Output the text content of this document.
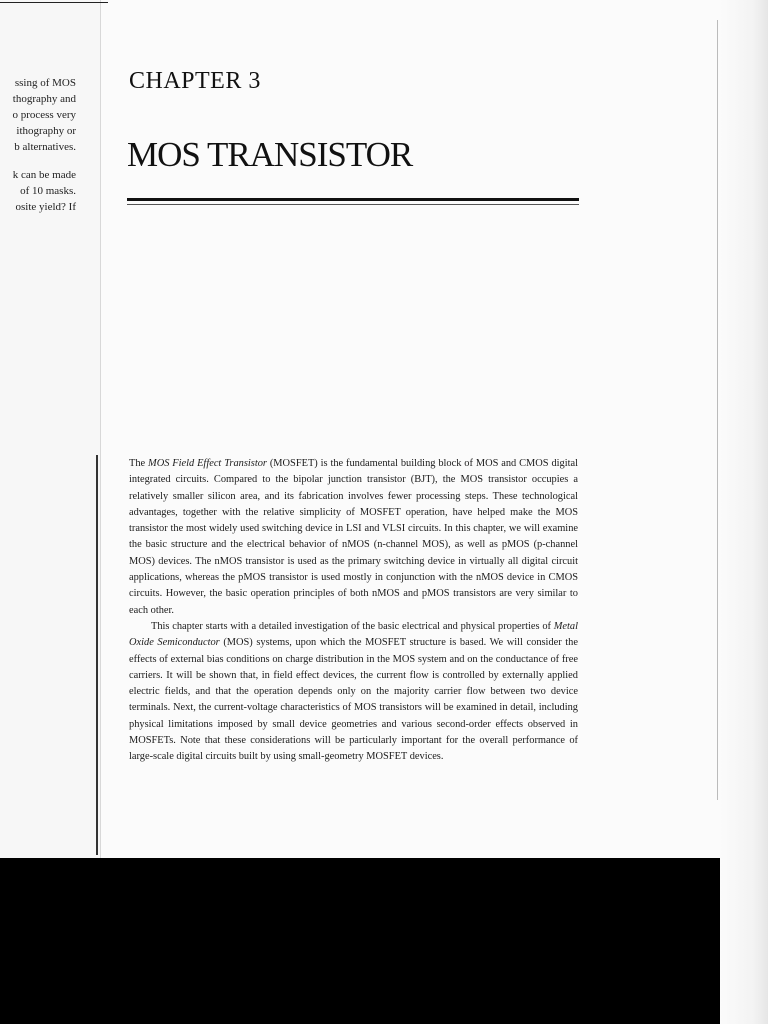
ssing of MOS
thography and
o process very
ithography or
b alternatives.
k can be made
of 10 masks.
osite yield? If
CHAPTER 3
MOS TRANSISTOR

The MOS Field Effect Transistor (MOSFET) is the fundamental building block of MOS and CMOS digital integrated circuits. Compared to the bipolar junction transistor (BJT), the MOS transistor occupies a relatively smaller silicon area, and its fabrication involves fewer processing steps. These technological advantages, together with the relative simplicity of MOSFET operation, have helped make the MOS transistor the most widely used switching device in LSI and VLSI circuits. In this chapter, we will examine the basic structure and the electrical behavior of nMOS (n-channel MOS), as well as pMOS (p-channel MOS) devices. The nMOS transistor is used as the primary switching device in virtually all digital circuit applications, whereas the pMOS transistor is used mostly in conjunction with the nMOS device in CMOS circuits. However, the basic operation principles of both nMOS and pMOS transistors are very similar to each other.

This chapter starts with a detailed investigation of the basic electrical and physical properties of Metal Oxide Semiconductor (MOS) systems, upon which the MOSFET structure is based. We will consider the effects of external bias conditions on charge distribution in the MOS system and on the conductance of free carriers. It will be shown that, in field effect devices, the current flow is controlled by externally applied electric fields, and that the operation depends only on the majority carrier flow between two device terminals. Next, the current-voltage characteristics of MOS transistors will be examined in detail, including physical limitations imposed by small device geometries and various second-order effects observed in MOSFETs. Note that these considerations will be particularly important for the overall performance of large-scale digital circuits built by using small-geometry MOSFET devices.
